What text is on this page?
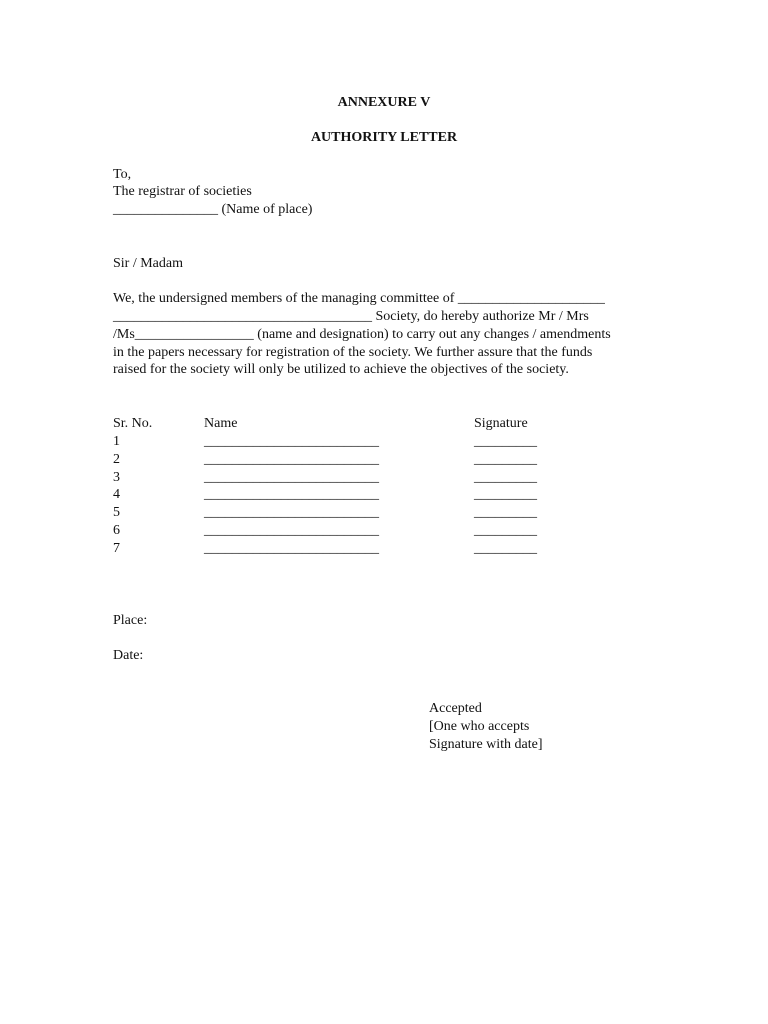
ANNEXURE V
AUTHORITY LETTER
To,
The registrar of societies
_______________ (Name of place)
Sir / Madam
We, the undersigned members of the managing committee of _____________________
_____________________________________ Society, do hereby authorize Mr / Mrs
/Ms_________________ (name and designation) to carry out any changes / amendments
in the papers necessary for registration of the society. We further assure that the funds
raised for the society will only be utilized to achieve the objectives of the society.
Sr. No.	Name	Signature
1	_________________________	_________
2	_________________________	_________
3	_________________________	_________
4	_________________________	_________
5	_________________________	_________
6	_________________________	_________
7	_________________________	_________
Place:
Date:
Accepted
[One who accepts
Signature with date]
